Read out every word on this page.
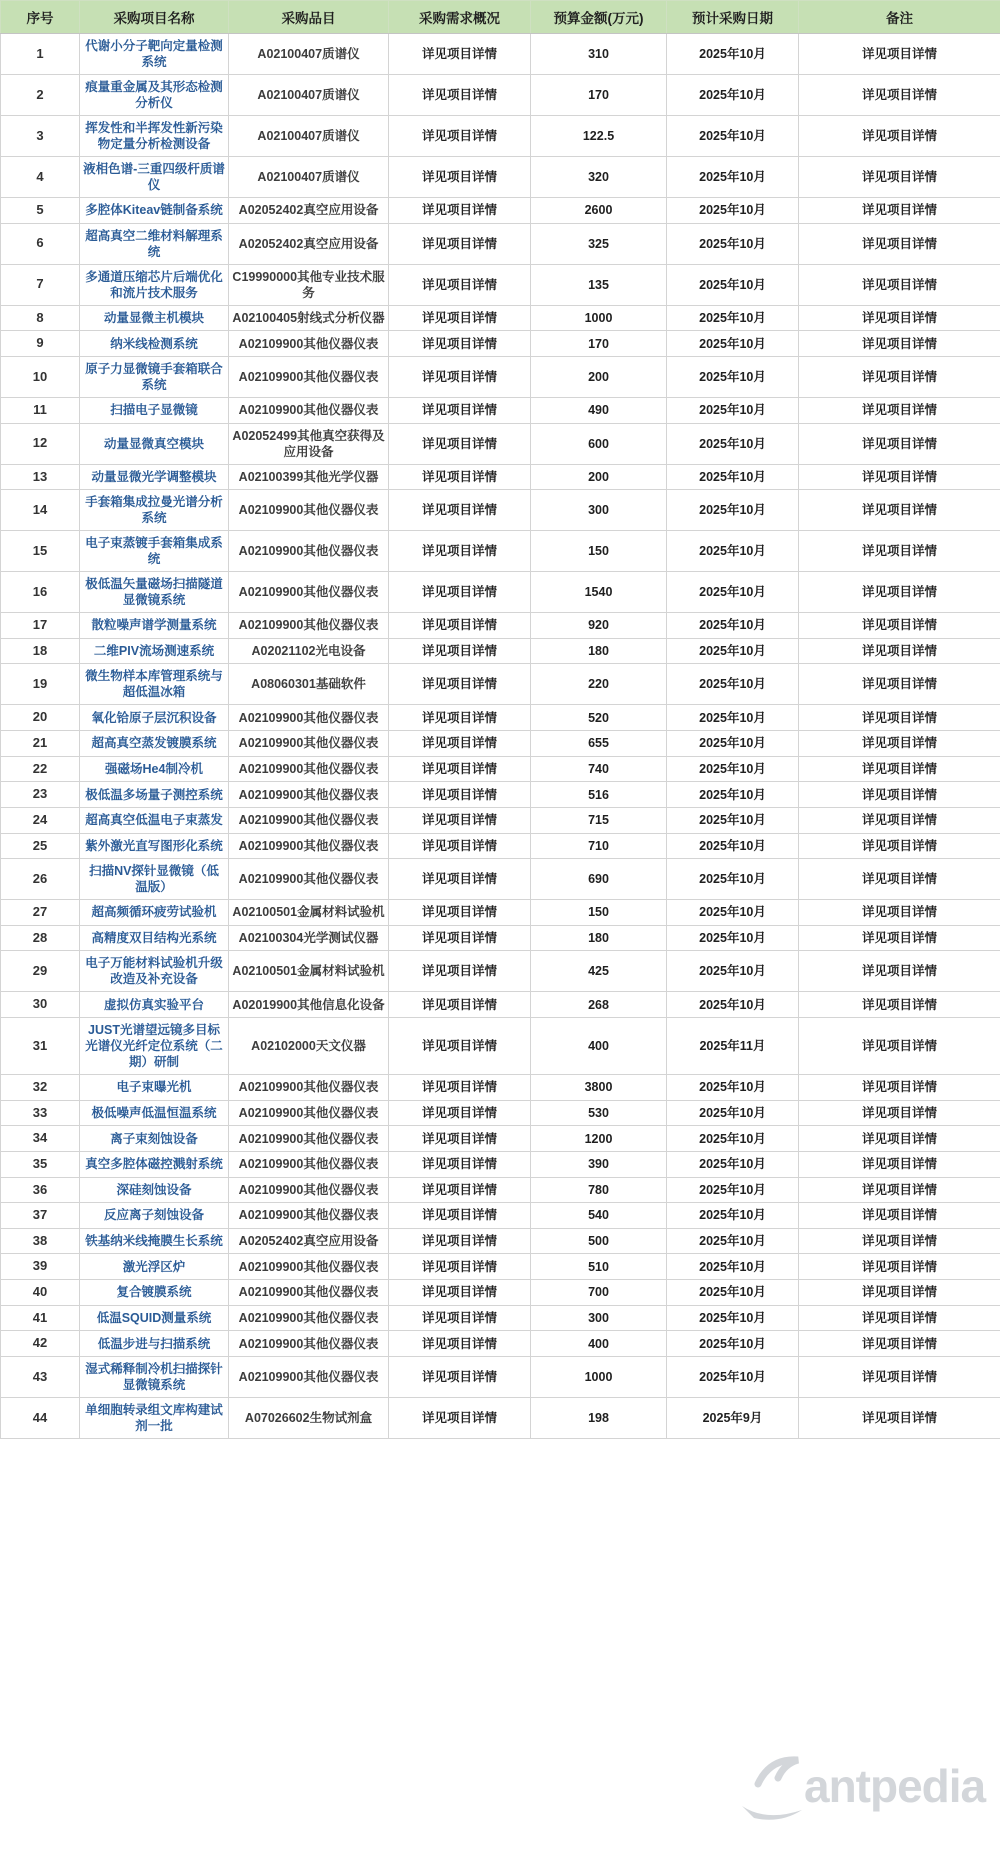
序号	采购项目名称	采购品目	采购需求概况	预算金额(万元)	预计采购日期	备注
1	代谢小分子靶向定量检测系统	A02100407质谱仪	详见项目详情	310	2025年10月	详见项目详情
2	痕量重金属及其形态检测分析仪	A02100407质谱仪	详见项目详情	170	2025年10月	详见项目详情
3	挥发性和半挥发性新污染物定量分析检测设备	A02100407质谱仪	详见项目详情	122.5	2025年10月	详见项目详情
4	液相色谱-三重四级杆质谱仪	A02100407质谱仪	详见项目详情	320	2025年10月	详见项目详情
5	多腔体Kiteav链制备系统	A02052402真空应用设备	详见项目详情	2600	2025年10月	详见项目详情
6	超高真空二维材料解理系统	A02052402真空应用设备	详见项目详情	325	2025年10月	详见项目详情
7	多通道压缩芯片后端优化和流片技术服务	C19990000其他专业技术服务	详见项目详情	135	2025年10月	详见项目详情
8	动量显微主机模块	A02100405射线式分析仪器	详见项目详情	1000	2025年10月	详见项目详情
9	纳米线检测系统	A02109900其他仪器仪表	详见项目详情	170	2025年10月	详见项目详情
10	原子力显微镜手套箱联合系统	A02109900其他仪器仪表	详见项目详情	200	2025年10月	详见项目详情
11	扫描电子显微镜	A02109900其他仪器仪表	详见项目详情	490	2025年10月	详见项目详情
12	动量显微真空模块	A02052499其他真空获得及应用设备	详见项目详情	600	2025年10月	详见项目详情
13	动量显微光学调整模块	A02100399其他光学仪器	详见项目详情	200	2025年10月	详见项目详情
14	手套箱集成拉曼光谱分析系统	A02109900其他仪器仪表	详见项目详情	300	2025年10月	详见项目详情
15	电子束蒸镀手套箱集成系统	A02109900其他仪器仪表	详见项目详情	150	2025年10月	详见项目详情
16	极低温矢量磁场扫描隧道显微镜系统	A02109900其他仪器仪表	详见项目详情	1540	2025年10月	详见项目详情
17	散粒噪声谱学测量系统	A02109900其他仪器仪表	详见项目详情	920	2025年10月	详见项目详情
18	二维PIV流场测速系统	A02021102光电设备	详见项目详情	180	2025年10月	详见项目详情
19	微生物样本库管理系统与超低温冰箱	A08060301基础软件	详见项目详情	220	2025年10月	详见项目详情
20	氧化铪原子层沉积设备	A02109900其他仪器仪表	详见项目详情	520	2025年10月	详见项目详情
21	超高真空蒸发镀膜系统	A02109900其他仪器仪表	详见项目详情	655	2025年10月	详见项目详情
22	强磁场He4制冷机	A02109900其他仪器仪表	详见项目详情	740	2025年10月	详见项目详情
23	极低温多场量子测控系统	A02109900其他仪器仪表	详见项目详情	516	2025年10月	详见项目详情
24	超高真空低温电子束蒸发	A02109900其他仪器仪表	详见项目详情	715	2025年10月	详见项目详情
25	紫外激光直写图形化系统	A02109900其他仪器仪表	详见项目详情	710	2025年10月	详见项目详情
26	扫描NV探针显微镜（低温版）	A02109900其他仪器仪表	详见项目详情	690	2025年10月	详见项目详情
27	超高频循环疲劳试验机	A02100501金属材料试验机	详见项目详情	150	2025年10月	详见项目详情
28	高精度双目结构光系统	A02100304光学测试仪器	详见项目详情	180	2025年10月	详见项目详情
29	电子万能材料试验机升级改造及补充设备	A02100501金属材料试验机	详见项目详情	425	2025年10月	详见项目详情
30	虚拟仿真实验平台	A02019900其他信息化设备	详见项目详情	268	2025年10月	详见项目详情
31	JUST光谱望远镜多目标光谱仪光纤定位系统（二期）研制	A02102000天文仪器	详见项目详情	400	2025年11月	详见项目详情
32	电子束曝光机	A02109900其他仪器仪表	详见项目详情	3800	2025年10月	详见项目详情
33	极低噪声低温恒温系统	A02109900其他仪器仪表	详见项目详情	530	2025年10月	详见项目详情
34	离子束刻蚀设备	A02109900其他仪器仪表	详见项目详情	1200	2025年10月	详见项目详情
35	真空多腔体磁控溅射系统	A02109900其他仪器仪表	详见项目详情	390	2025年10月	详见项目详情
36	深硅刻蚀设备	A02109900其他仪器仪表	详见项目详情	780	2025年10月	详见项目详情
37	反应离子刻蚀设备	A02109900其他仪器仪表	详见项目详情	540	2025年10月	详见项目详情
38	铁基纳米线掩膜生长系统	A02052402真空应用设备	详见项目详情	500	2025年10月	详见项目详情
39	激光浮区炉	A02109900其他仪器仪表	详见项目详情	510	2025年10月	详见项目详情
40	复合镀膜系统	A02109900其他仪器仪表	详见项目详情	700	2025年10月	详见项目详情
41	低温SQUID测量系统	A02109900其他仪器仪表	详见项目详情	300	2025年10月	详见项目详情
42	低温步进与扫描系统	A02109900其他仪器仪表	详见项目详情	400	2025年10月	详见项目详情
43	湿式稀释制冷机扫描探针显微镜系统	A02109900其他仪器仪表	详见项目详情	1000	2025年10月	详见项目详情
44	单细胞转录组文库构建试剂一批	A07026602生物试剂盒	详见项目详情	198	2025年9月	详见项目详情
antpedia
